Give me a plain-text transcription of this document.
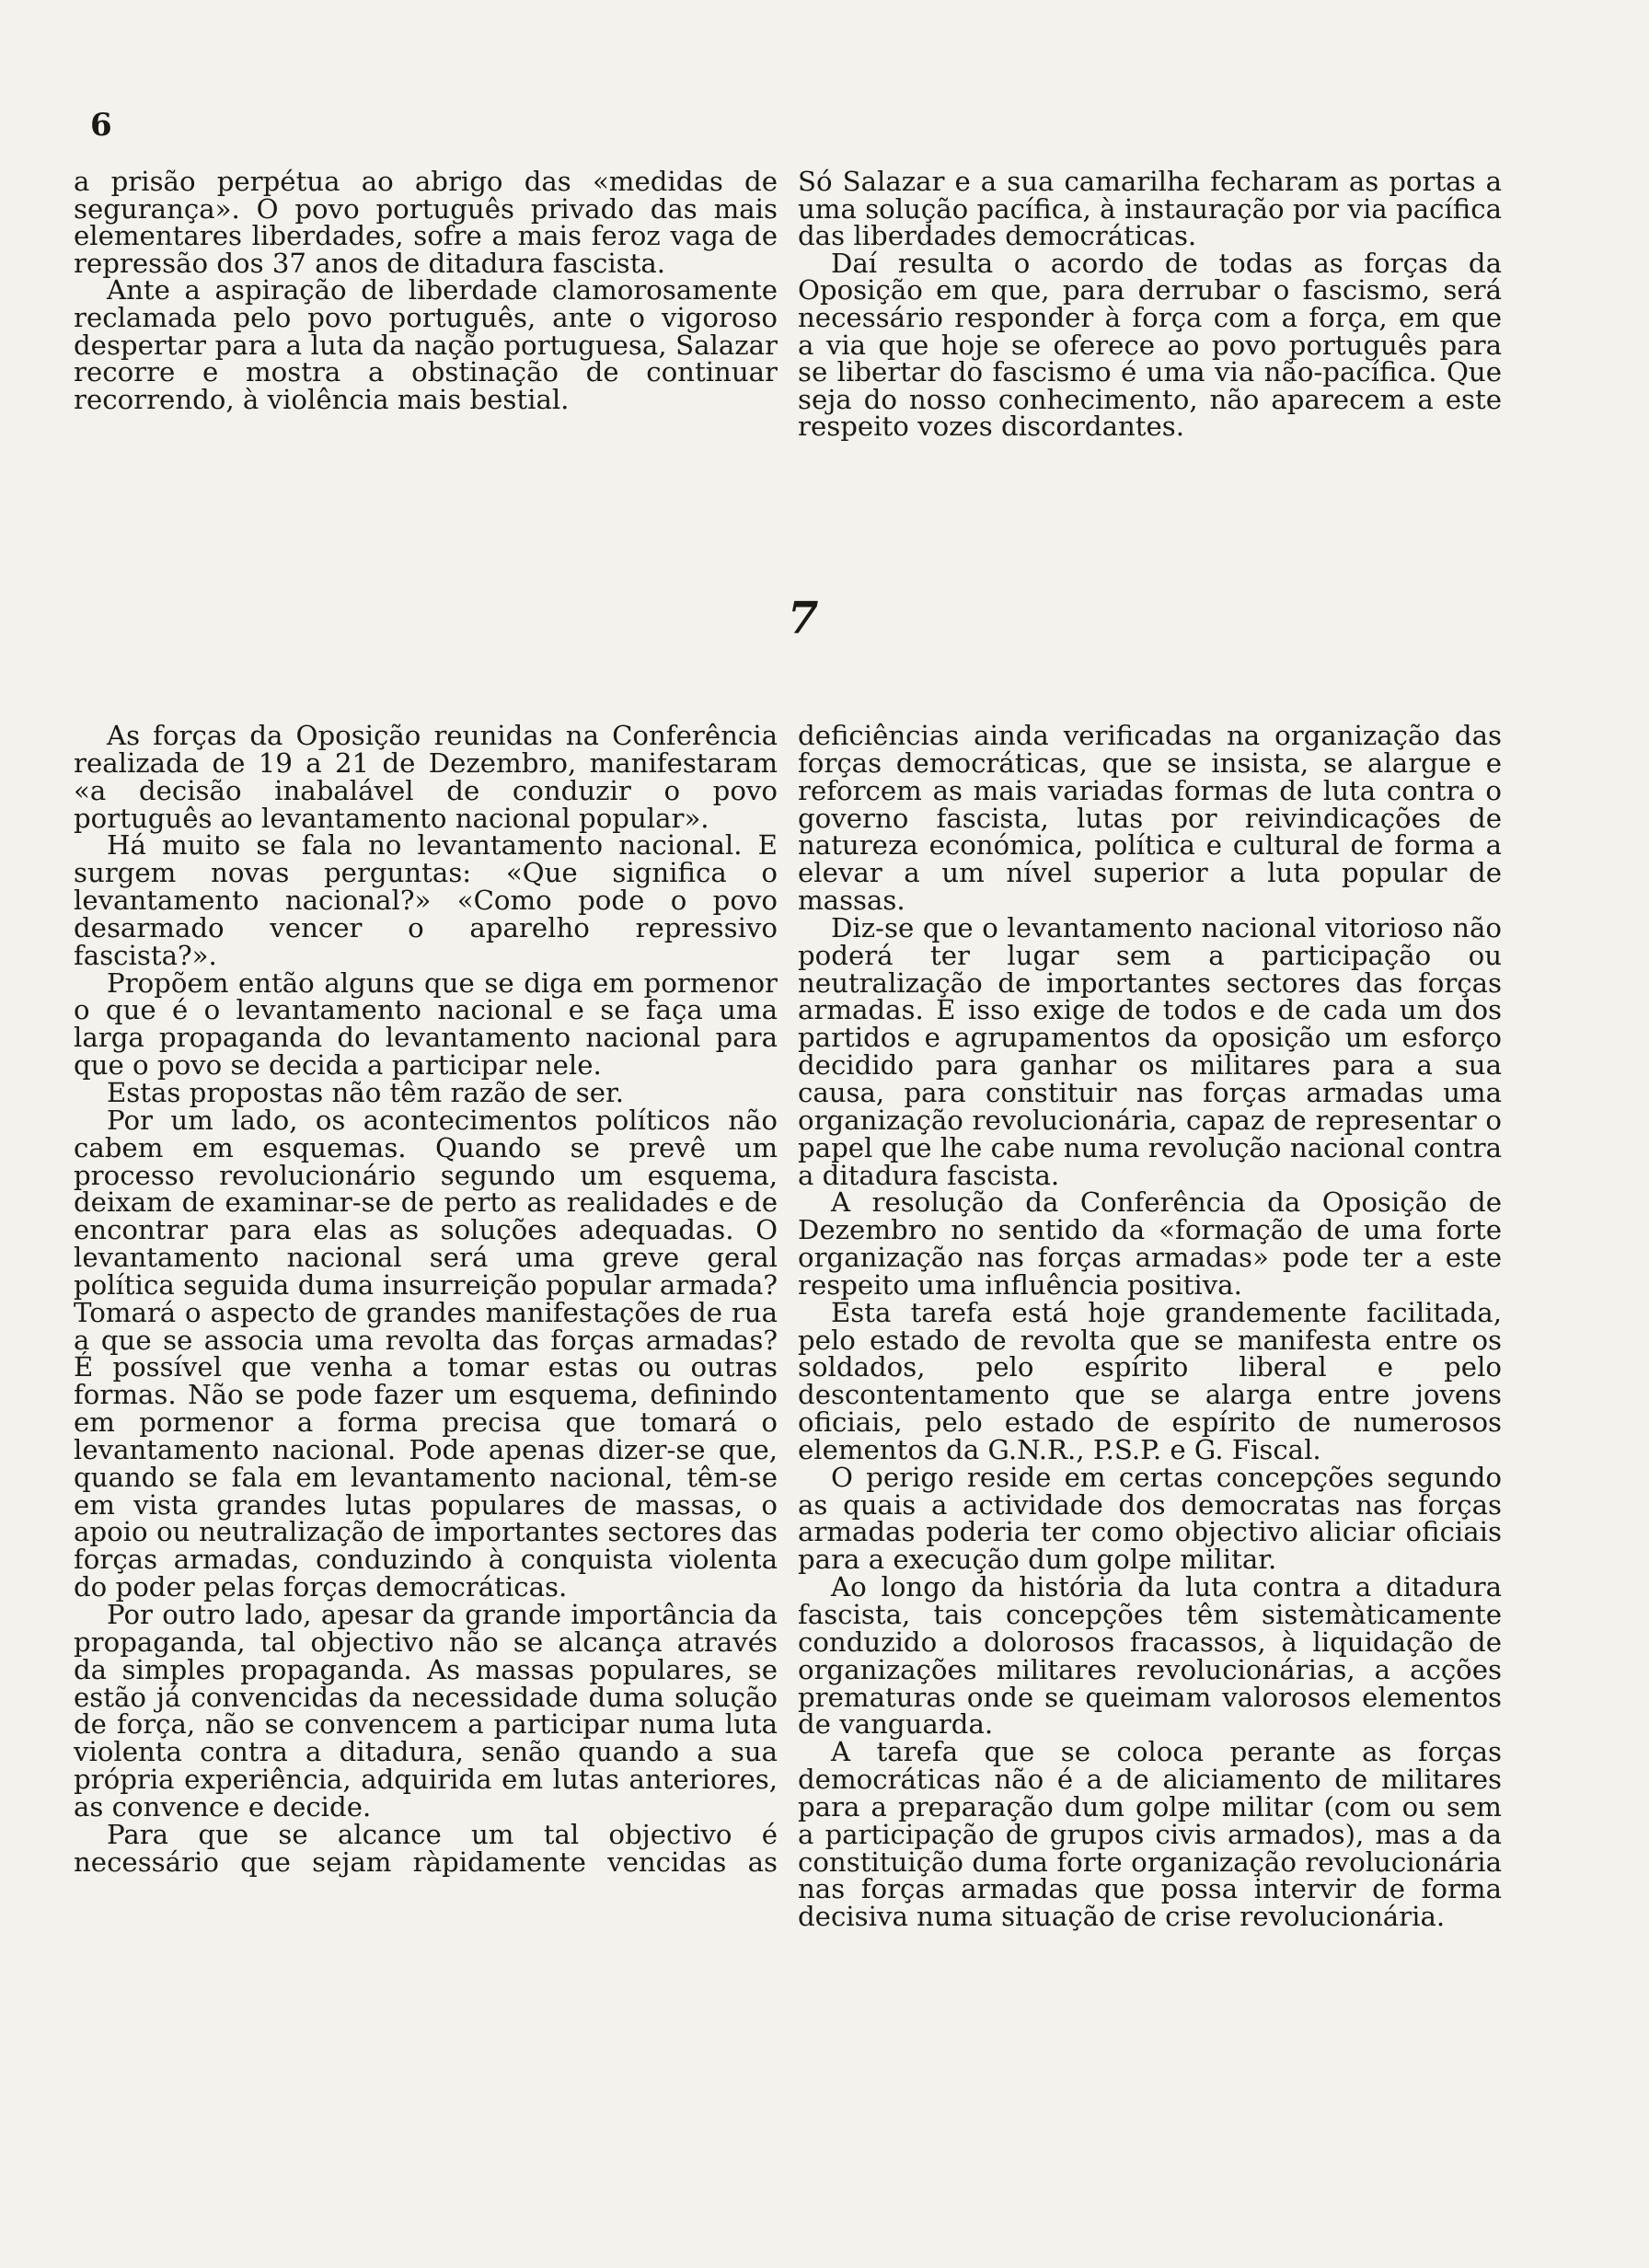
6

a prisão perpétua ao abrigo das «medidas de segurança». O povo português privado das mais elementares liberdades, sofre a mais feroz vaga de repressão dos 37 anos de ditadura fascista.

Ante a aspiração de liberdade clamorosamente reclamada pelo povo português, ante o vigoroso despertar para a luta da nação portuguesa, Salazar recorre e mostra a obstinação de continuar recorrendo, à violência mais bestial.

Só Salazar e a sua camarilha fecharam as portas a uma solução pacífica, à instauração por via pacífica das liberdades democráticas.

Daí resulta o acordo de todas as forças da Oposição em que, para derrubar o fascismo, será necessário responder à força com a força, em que a via que hoje se oferece ao povo português para se libertar do fascismo é uma via não-pacífica. Que seja do nosso conhecimento, não aparecem a este respeito vozes discordantes.

7

As forças da Oposição reunidas na Conferência realizada de 19 a 21 de Dezembro, manifestaram «a decisão inabalável de conduzir o povo português ao levantamento nacional popular».

Há muito se fala no levantamento nacional. E surgem novas perguntas: «Que significa o levantamento nacional?» «Como pode o povo desarmado vencer o aparelho repressivo fascista?».

Propõem então alguns que se diga em pormenor o que é o levantamento nacional e se faça uma larga propaganda do levantamento nacional para que o povo se decida a participar nele.

Estas propostas não têm razão de ser.

Por um lado, os acontecimentos políticos não cabem em esquemas. Quando se prevê um processo revolucionário segundo um esquema, deixam de examinar-se de perto as realidades e de encontrar para elas as soluções adequadas. O levantamento nacional será uma greve geral política seguida duma insurreição popular armada? Tomará o aspecto de grandes manifestações de rua a que se associa uma revolta das forças armadas? É possível que venha a tomar estas ou outras formas. Não se pode fazer um esquema, definindo em pormenor a forma precisa que tomará o levantamento nacional. Pode apenas dizer-se que, quando se fala em levantamento nacional, têm-se em vista grandes lutas populares de massas, o apoio ou neutralização de importantes sectores das forças armadas, conduzindo à conquista violenta do poder pelas forças democráticas.

Por outro lado, apesar da grande importância da propaganda, tal objectivo não se alcança através da simples propaganda. As massas populares, se estão já convencidas da necessidade duma solução de força, não se convencem a participar numa luta violenta contra a ditadura, senão quando a sua própria experiência, adquirida em lutas anteriores, as convence e decide.

Para que se alcance um tal objectivo é necessário que sejam ràpidamente vencidas as

deficiências ainda verificadas na organização das forças democráticas, que se insista, se alargue e reforcem as mais variadas formas de luta contra o governo fascista, lutas por reivindicações de natureza económica, política e cultural de forma a elevar a um nível superior a luta popular de massas.

Diz-se que o levantamento nacional vitorioso não poderá ter lugar sem a participação ou neutralização de importantes sectores das forças armadas. E isso exige de todos e de cada um dos partidos e agrupamentos da oposição um esforço decidido para ganhar os militares para a sua causa, para constituir nas forças armadas uma organização revolucionária, capaz de representar o papel que lhe cabe numa revolução nacional contra a ditadura fascista.

A resolução da Conferência da Oposição de Dezembro no sentido da «formação de uma forte organização nas forças armadas» pode ter a este respeito uma influência positiva.

Esta tarefa está hoje grandemente facilitada, pelo estado de revolta que se manifesta entre os soldados, pelo espírito liberal e pelo descontentamento que se alarga entre jovens oficiais, pelo estado de espírito de numerosos elementos da G.N.R., P.S.P. e G. Fiscal.

O perigo reside em certas concepções segundo as quais a actividade dos democratas nas forças armadas poderia ter como objectivo aliciar oficiais para a execução dum golpe militar.

Ao longo da história da luta contra a ditadura fascista, tais concepções têm sistemàticamente conduzido a dolorosos fracassos, à liquidação de organizações militares revolucionárias, a acções prematuras onde se queimam valorosos elementos de vanguarda.

A tarefa que se coloca perante as forças democráticas não é a de aliciamento de militares para a preparação dum golpe militar (com ou sem a participação de grupos civis armados), mas a da constituição duma forte organização revolucionária nas forças armadas que possa intervir de forma decisiva numa situação de crise revolucionária.
